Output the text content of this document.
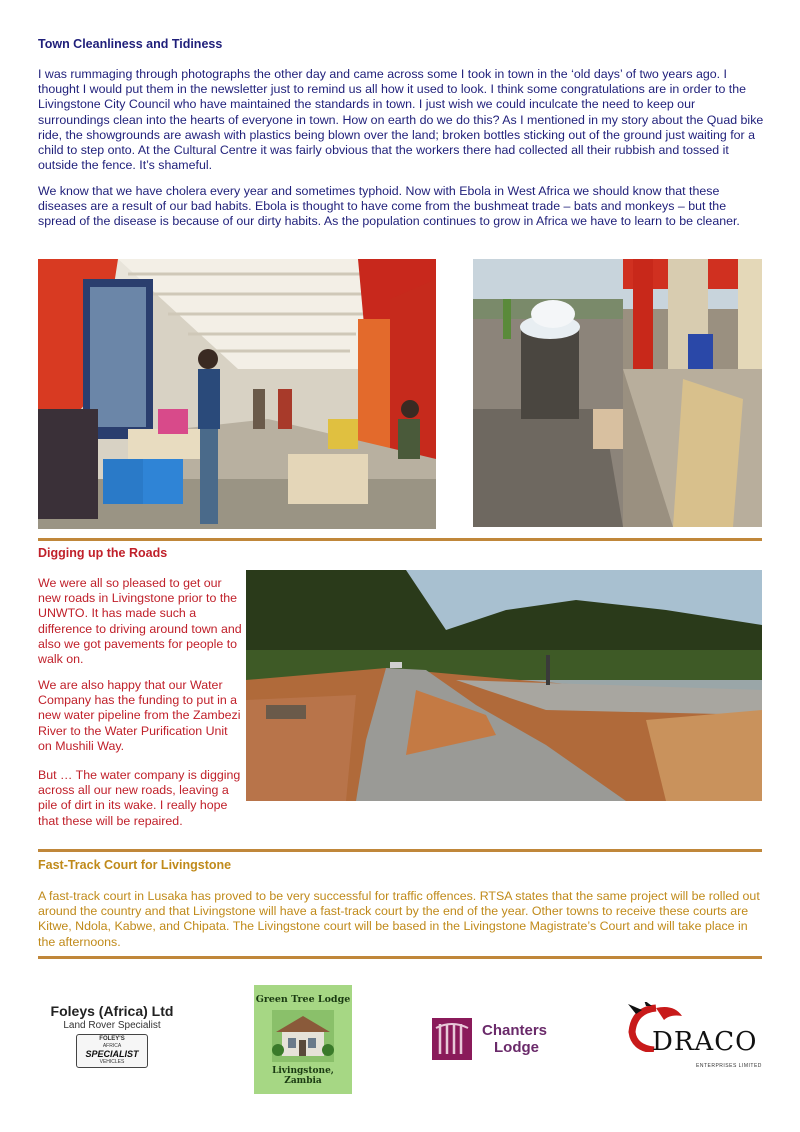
Town Cleanliness and Tidiness

I was rummaging through photographs the other day and came across some I took in town in the ‘old days’ of two years ago. I thought I would put them in the newsletter just to remind us all how it used to look. I think some congratulations are in order to the Livingstone City Council who have maintained the standards in town. I just wish we could inculcate the need to keep our surroundings clean into the hearts of everyone in town. How on earth do we do this? As I mentioned in my story about the Quad bike ride, the showgrounds are awash with plastics being blown over the land; broken bottles sticking out of the ground just waiting for a child to step onto. At the Cultural Centre it was fairly obvious that the workers there had collected all their rubbish and tossed it outside the fence. It’s shameful.

We know that we have cholera every year and sometimes typhoid. Now with Ebola in West Africa we should know that these diseases are a result of our bad habits. Ebola is thought to have come from the bushmeat trade – bats and monkeys – but the spread of the disease is because of our dirty habits. As the population continues to grow in Africa we have to learn to be cleaner.

Digging up the Roads

We were all so pleased to get our new roads in Livingstone prior to the UNWTO. It has made such a difference to driving around town and also we got pavements for people to walk on.

We are also happy that our Water Company has the funding to put in a new water pipeline from the Zambezi River to the Water Purification Unit on Mushili Way.

But … The water company is digging across all our new roads, leaving a pile of dirt in its wake. I really hope that these will be repaired.

Fast-Track Court for Livingstone

A fast-track court in Lusaka has proved to be very successful for traffic offences. RTSA states that the same project will be rolled out around the country and that Livingstone will have a fast-track court by the end of the year. Other towns to receive these courts are Kitwe, Ndola, Kabwe, and Chipata. The Livingstone court will be based in the Livingstone Magistrate’s Court and will take place in the afternoons.

Foleys (Africa) Ltd
Land Rover Specialist
FOLEY'S
AFRICA
SPECIALIST
VEHICLES
Green Tree Lodge
Livingstone, Zambia
Chanters
Lodge	DRACO
ENTERPRISES LIMITED
